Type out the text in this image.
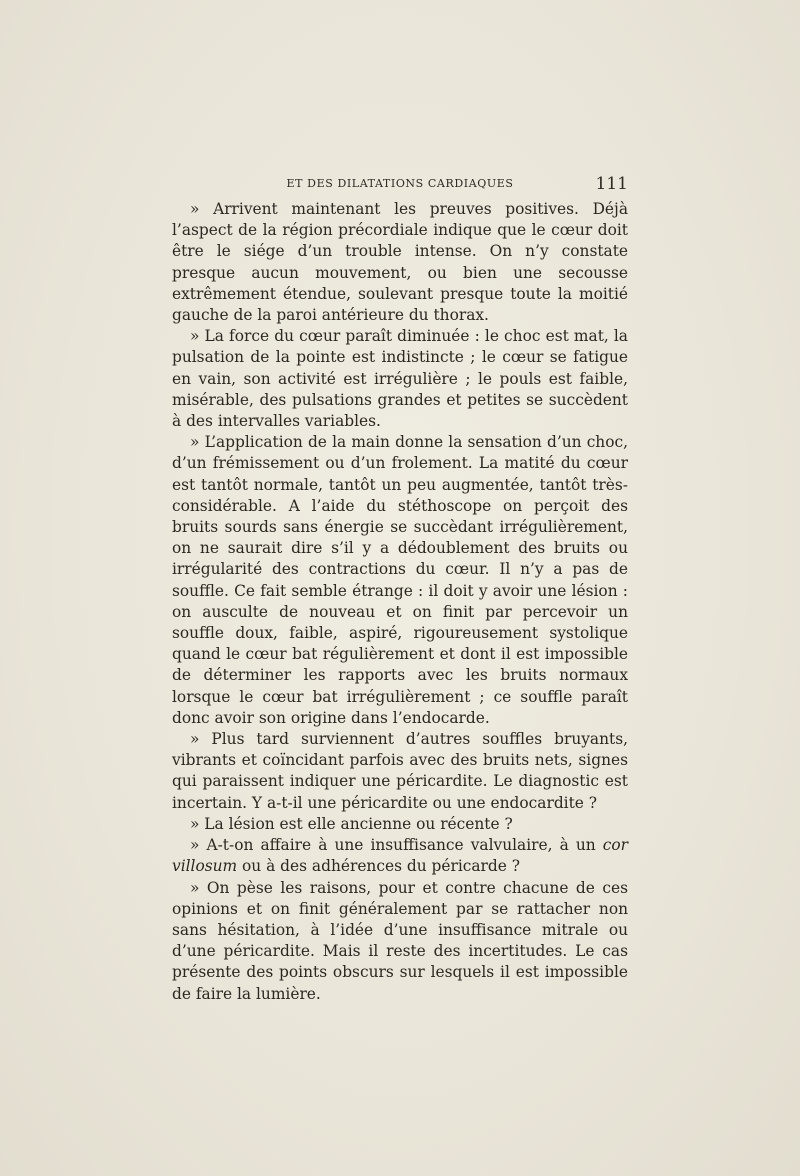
ET DES DILATATIONS CARDIAQUES	111

» Arrivent maintenant les preuves positives. Déjà l’aspect de la région précordiale indique que le cœur doit être le siége d’un trouble intense. On n’y constate presque aucun mouvement, ou bien une secousse extrêmement étendue, soulevant presque toute la moitié gauche de la paroi antérieure du thorax.

» La force du cœur paraît diminuée : le choc est mat, la pulsation de la pointe est indistincte ; le cœur se fatigue en vain, son activité est irrégulière ; le pouls est faible, misérable, des pulsations grandes et petites se succèdent à des intervalles variables.

» L’application de la main donne la sensation d’un choc, d’un frémissement ou d’un frolement. La matité du cœur est tantôt normale, tantôt un peu augmentée, tantôt très-considérable. A l’aide du stéthoscope on perçoit des bruits sourds sans énergie se succèdant irrégulièrement, on ne saurait dire s’il y a dédoublement des bruits ou irrégularité des contractions du cœur. Il n’y a pas de souffle. Ce fait semble étrange : il doit y avoir une lésion : on ausculte de nouveau et on finit par percevoir un souffle doux, faible, aspiré, rigoureusement systolique quand le cœur bat régulièrement et dont il est impossible de déterminer les rapports avec les bruits normaux lorsque le cœur bat irrégulièrement ; ce souffle paraît donc avoir son origine dans l’endocarde.

» Plus tard surviennent d’autres souffles bruyants, vibrants et coïncidant parfois avec des bruits nets, signes qui paraissent indiquer une péricardite. Le diagnostic est incertain. Y a-t-il une péricardite ou une endocardite ?

» La lésion est elle ancienne ou récente ?

» A-t-on affaire à une insuffisance valvulaire, à un cor villosum ou à des adhérences du péricarde ?

» On pèse les raisons, pour et contre chacune de ces opinions et on finit généralement par se rattacher non sans hésitation, à l’idée d’une insuffisance mitrale ou d’une péricardite. Mais il reste des incertitudes. Le cas présente des points obscurs sur lesquels il est impossible de faire la lumière.
